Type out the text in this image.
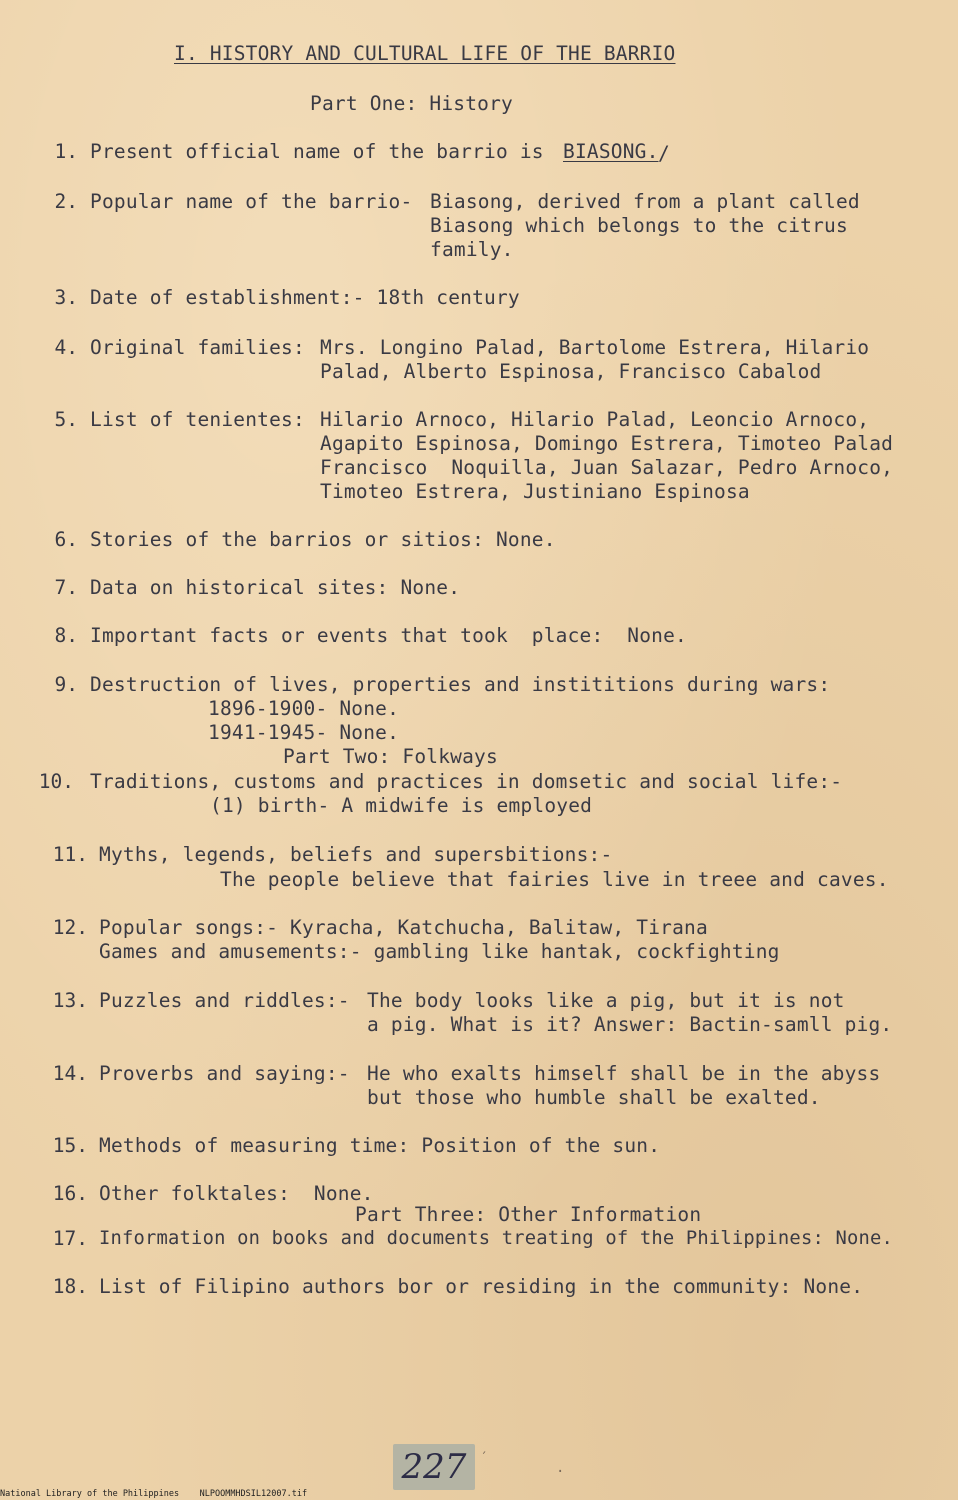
I. HISTORY AND CULTURAL LIFE OF THE BARRIO
Part One: History
1. Present official name of the barrio is BIASONG. /
2. Popular name of the barrio- Biasong, derived from a plant called
Biasong which belongs to the citrus
family.
3. Date of establishment:- 18th century
4. Original families: Mrs. Longino Palad, Bartolome Estrera, Hilario
Palad, Alberto Espinosa, Francisco Cabalod
5. List of tenientes: Hilario Arnoco, Hilario Palad, Leoncio Arnoco,
Agapito Espinosa, Domingo Estrera, Timoteo Palad
Francisco  Noquilla, Juan Salazar, Pedro Arnoco,
Timoteo Estrera, Justiniano Espinosa
6. Stories of the barrios or sitios: None.
7. Data on historical sites: None.
8. Important facts or events that took  place:  None.
9. Destruction of lives, properties and instititions during wars:
1896-1900- None.
1941-1945- None.
Part Two: Folkways
10. Traditions, customs and practices in domsetic and social life:-
(1) birth- A midwife is employed
11. Myths, legends, beliefs and supersbitions:-
The people believe that fairies live in treee and caves.
12. Popular songs:- Kyracha, Katchucha, Balitaw, Tirana
Games and amusements:- gambling like hantak, cockfighting
13. Puzzles and riddles:- The body looks like a pig, but it is not
a pig. What is it? Answer: Bactin-samll pig.
14. Proverbs and saying:- He who exalts himself shall be in the abyss
but those who humble shall be exalted.
15. Methods of measuring time: Position of the sun.
16. Other folktales:  None.
Part Three: Other Information
17. Information on books and documents treating of the Philippines: None.
18. List of Filipino authors bor or residing in the community: None.
227 ′
·
National Library of the Philippines NLPOOMMHDSIL12007.tif
